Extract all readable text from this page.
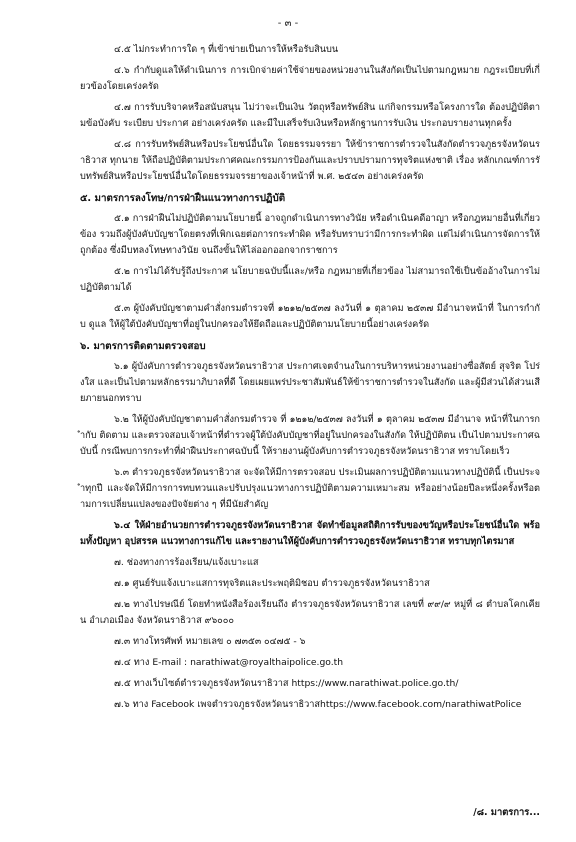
- ๓ -

๔.๕ ไม่กระทำการใด ๆ ที่เข้าข่ายเป็นการให้หรือรับสินบน

๔.๖ กำกับดูแลให้ดำเนินการ การเบิกจ่ายค่าใช้จ่ายของหน่วยงานในสังกัดเป็นไปตามกฎหมาย กฎระเบียบที่เกี่ยวข้องโดยเคร่งครัด

๔.๗ การรับบริจาคหรือสนับสนุน ไม่ว่าจะเป็นเงิน วัตถุหรือทรัพย์สิน แก่กิจกรรมหรือโครงการใด ต้องปฏิบัติตามข้อบังคับ ระเบียบ ประกาศ อย่างเคร่งครัด และมีใบเสร็จรับเงินหรือหลักฐานการรับเงิน ประกอบรายงานทุกครั้ง

๔.๘ การรับทรัพย์สินหรือประโยชน์อื่นใด โดยธรรมจรรยา ให้ข้าราชการตำรวจในสังกัดตำรวจภูธรจังหวัดนราธิวาส ทุกนาย ให้ถือปฏิบัติตามประกาศคณะกรรมการป้องกันและปราบปรามการทุจริตแห่งชาติ เรื่อง หลักเกณฑ์การรับทรัพย์สินหรือประโยชน์อื่นใดโดยธรรมจรรยาของเจ้าหน้าที่ พ.ศ. ๒๕๔๓ อย่างเคร่งครัด

๕. มาตรการลงโทษ/การฝ่าฝืนแนวทางการปฏิบัติ

๕.๑ การฝ่าฝืนไม่ปฏิบัติตามนโยบายนี้ อาจถูกดำเนินการทางวินัย หรือดำเนินคดีอาญา หรือกฎหมายอื่นที่เกี่ยวข้อง รวมถึงผู้บังคับบัญชาโดยตรงที่เพิกเฉยต่อการกระทำผิด หรือรับทราบว่ามีการกระทำผิด แต่ไม่ดำเนินการจัดการให้ถูกต้อง ซึ่งมีบทลงโทษทางวินัย จนถึงขั้นให้ไล่ออกออกจากราชการ

๕.๒ การไม่ได้รับรู้ถึงประกาศ นโยบายฉบับนี้และ/หรือ กฎหมายที่เกี่ยวข้อง ไม่สามารถใช้เป็นข้ออ้างในการไม่ปฏิบัติตามได้

๕.๓ ผู้บังคับบัญชาตามคำสั่งกรมตำรวจที่ ๑๒๑๒/๒๕๓๗ ลงวันที่ ๑ ตุลาคม ๒๕๓๗ มีอำนาจหน้าที่ ในการกำกับ ดูแล ให้ผู้ใต้บังคับบัญชาที่อยู่ในปกครองให้ยึดถือและปฏิบัติตามนโยบายนี้อย่างเคร่งครัด

๖. มาตรการติดตามตรวจสอบ

๖.๑ ผู้บังคับการตำรวจภูธรจังหวัดนราธิวาส ประกาศเจตจำนงในการบริหารหน่วยงานอย่างซื่อสัตย์ สุจริต โปร่งใส และเป็นไปตามหลักธรรมาภิบาลที่ดี โดยเผยแพร่ประชาสัมพันธ์ให้ข้าราชการตำรวจในสังกัด และผู้มีส่วนได้ส่วนเสียภายนอกทราบ

๖.๒ ให้ผู้บังคับบัญชาตามคำสั่งกรมตำรวจ ที่ ๑๒๑๒/๒๕๓๗ ลงวันที่ ๑ ตุลาคม ๒๕๓๗ มีอำนาจ หน้าที่ในการกำกับ ติดตาม และตรวจสอบเจ้าหน้าที่ตำรวจผู้ใต้บังคับบัญชาที่อยู่ในปกครองในสังกัด ให้ปฏิบัติตน เป็นไปตามประกาศฉบับนี้ กรณีพบการกระทำที่ฝ่าฝืนประกาศฉบับนี้ ให้รายงานผู้บังคับการตำรวจภูธรจังหวัดนราธิวาส ทราบโดยเร็ว

๖.๓ ตำรวจภูธรจังหวัดนราธิวาส จะจัดให้มีการตรวจสอบ ประเมินผลการปฏิบัติตามแนวทางปฏิบัตินี้ เป็นประจำทุกปี และจัดให้มีการการทบทวนและปรับปรุงแนวทางการปฏิบัติตามความเหมาะสม หรืออย่างน้อยปีละหนึ่งครั้งหรือตามการเปลี่ยนแปลงของปัจจัยต่าง ๆ ที่มีนัยสำคัญ

๖.๔ ให้ฝ่ายอำนวยการตำรวจภูธรจังหวัดนราธิวาส จัดทำข้อมูลสถิติการรับของขวัญหรือประโยชน์อื่นใด พร้อมทั้งปัญหา อุปสรรค แนวทางการแก้ไข และรายงานให้ผู้บังคับการตำรวจภูธรจังหวัดนราธิวาส ทราบทุกไตรมาส

๗. ช่องทางการร้องเรียน/แจ้งเบาะแส

๗.๑ ศูนย์รับแจ้งเบาะแสการทุจริตและประพฤติมิชอบ ตำรวจภูธรจังหวัดนราธิวาส

๗.๒ ทางไปรษณีย์ โดยทำหนังสือร้องเรียนถึง ตำรวจภูธรจังหวัดนราธิวาส เลขที่ ๙๙/๙ หมู่ที่ ๘ ตำบลโคกเคียน อำเภอเมือง จังหวัดนราธิวาส ๙๖๐๐๐

๗.๓ ทางโทรศัพท์ หมายเลข ๐ ๗๓๕๓ ๐๔๗๕ - ๖

๗.๔ ทาง E-mail : narathiwat@royalthaipolice.go.th

๗.๕ ทางเว็บไซต์ตำรวจภูธรจังหวัดนราธิวาส https://www.narathiwat.police.go.th/

๗.๖ ทาง Facebook เพจตำรวจภูธรจังหวัดนราธิวาสhttps://www.facebook.com/narathiwatPolice

/๘. มาตรการ...
